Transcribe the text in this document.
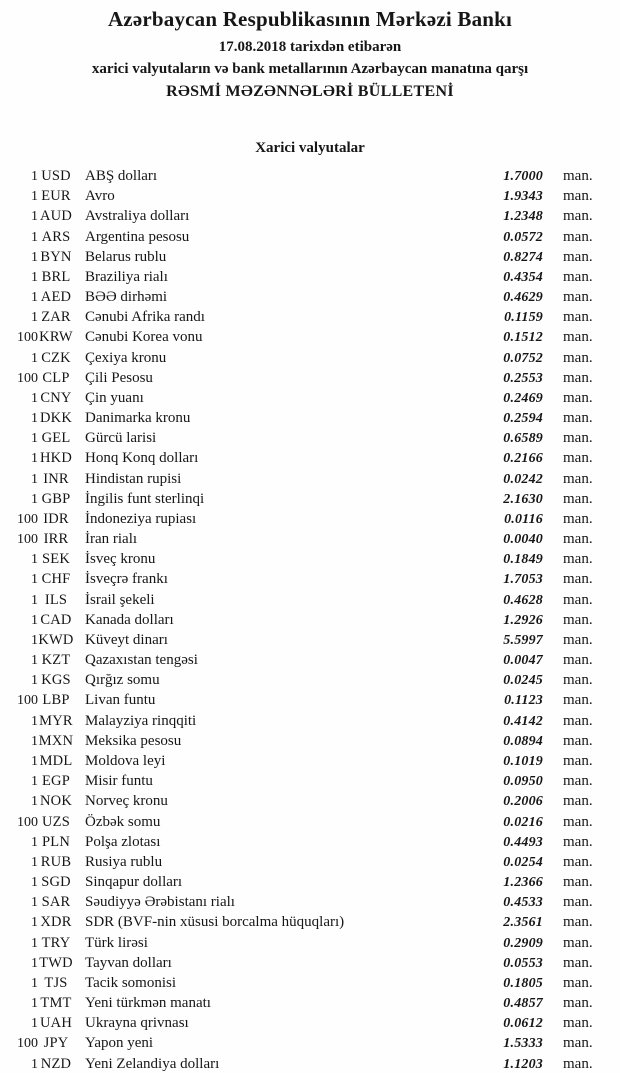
Azərbaycan Respublikasının Mərkəzi Bankı
17.08.2018 tarixdən etibarən
xarici valyutaların və bank metallarının Azərbaycan manatına qarşı
RƏSMİ MƏZƏNNƏLƏRİ BÜLLETENİ
Xarici valyutalar
1 USD ABŞ dolları	1.7000	man.
1 EUR Avro	1.9343	man.
1 AUD Avstraliya dolları	1.2348	man.
1 ARS Argentina pesosu	0.0572	man.
1 BYN Belarus rublu	0.8274	man.
1 BRL Braziliya rialı	0.4354	man.
1 AED BƏƏ dirhəmi	0.4629	man.
1 ZAR Cənubi Afrika randı	0.1159	man.
100 KRW Cənubi Korea vonu	0.1512	man.
1 CZK Çexiya kronu	0.0752	man.
100 CLP	Çili Pesosu	0.2553	man.
1 CNY Çin yuanı	0.2469	man.
1 DKK Danimarka kronu	0.2594	man.
1 GEL Gürcü larisi	0.6589	man.
1 HKD Honq Konq dolları	0.2166	man.
1 INR	Hindistan rupisi	0.0242	man.
1 GBP İngilis funt sterlinqi	2.1630	man.
100 IDR	İndoneziya rupiası	0.0116	man.
100 IRR	İran rialı	0.0040	man.
1 SEK	İsveç kronu	0.1849	man.
1 CHF İsveçrə frankı	1.7053	man.
1 ILS	İsrail şekeli	0.4628	man.
1 CAD Kanada dolları	1.2926	man.
1 KWD Küveyt dinarı	5.5997	man.
1 KZT Qazaxıstan tengəsi	0.0047	man.
1 KGS Qırğız somu	0.0245	man.
100 LBP	Livan funtu	0.1123	man.
1 MYR Malayziya rinqqiti	0.4142	man.
1 MXN Meksika pesosu	0.0894	man.
1 MDL Moldova leyi	0.1019	man.
1 EGP	Misir funtu	0.0950	man.
1 NOK Norveç kronu	0.2006	man.
100 UZS	Özbək somu	0.0216	man.
1 PLN	Polşa zlotası	0.4493	man.
1 RUB Rusiya rublu	0.0254	man.
1 SGD Sinqapur dolları	1.2366	man.
1 SAR Səudiyyə Ərəbistanı rialı	0.4533	man.
1 XDR SDR (BVF-nin xüsusi borcalma hüquqları)	2.3561	man.
1 TRY Türk lirəsi	0.2909	man.
1 TWD Tayvan dolları	0.0553	man.
1 TJS	Tacik somonisi	0.1805	man.
1 TMT Yeni türkmən manatı	0.4857	man.
1 UAH Ukrayna qrivnası	0.0612	man.
100 JPY	Yapon yeni	1.5333	man.
1 NZD Yeni Zelandiya dolları	1.1203	man.
